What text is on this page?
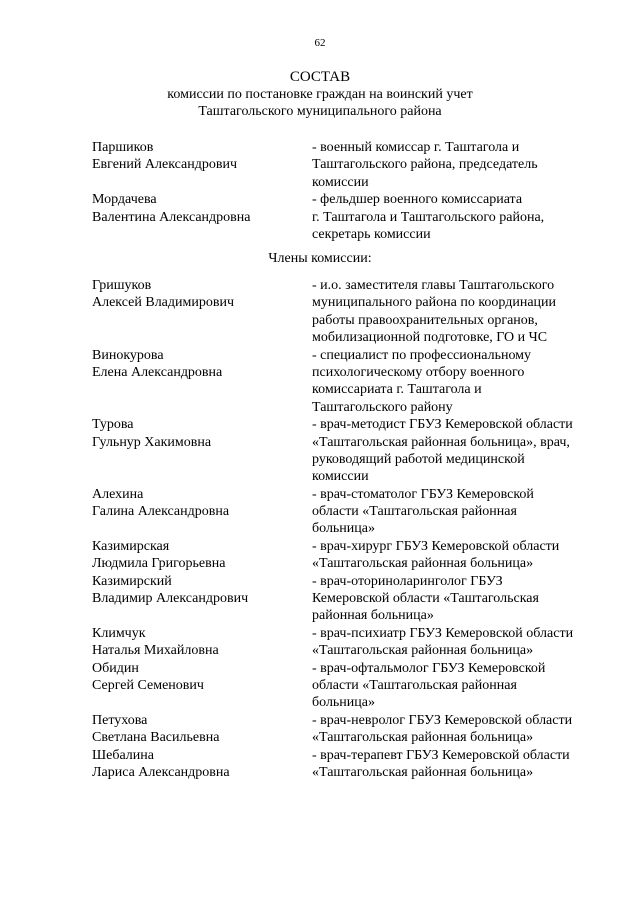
62
СОСТАВ
комиссии по постановке граждан на воинский учет
Таштагольского муниципального района
Паршиков
Евгений Александрович
- военный комиссар г. Таштагола и
Таштагольского района, председатель
комиссии
Мордачева
Валентина Александровна
- фельдшер военного комиссариата
г. Таштагола и Таштагольского района,
секретарь комиссии
Члены комиссии:
Гришуков
Алексей Владимирович
- и.о. заместителя главы Таштагольского
муниципального района по координации
работы правоохранительных органов,
мобилизационной подготовке, ГО и ЧС
Винокурова
Елена Александровна
- специалист по профессиональному
психологическому отбору военного
комиссариата г. Таштагола и
Таштагольского району
Турова
Гульнур Хакимовна
- врач-методист ГБУЗ Кемеровской области
«Таштагольская районная больница», врач,
руководящий работой медицинской
комиссии
Алехина
Галина Александровна
- врач-стоматолог ГБУЗ Кемеровской
области «Таштагольская районная
больница»
Казимирская
Людмила Григорьевна
- врач-хирург ГБУЗ Кемеровской области
«Таштагольская районная больница»
Казимирский
Владимир Александрович
- врач-оториноларинголог ГБУЗ
Кемеровской области «Таштагольская
районная больница»
Климчук
Наталья Михайловна
- врач-психиатр ГБУЗ Кемеровской области
«Таштагольская районная больница»
Обидин
Сергей Семенович
- врач-офтальмолог ГБУЗ Кемеровской
области «Таштагольская районная
больница»
Петухова
Светлана Васильевна
- врач-невролог ГБУЗ Кемеровской области
«Таштагольская районная больница»
Шебалина
Лариса Александровна
- врач-терапевт ГБУЗ Кемеровской области
«Таштагольская районная больница»
